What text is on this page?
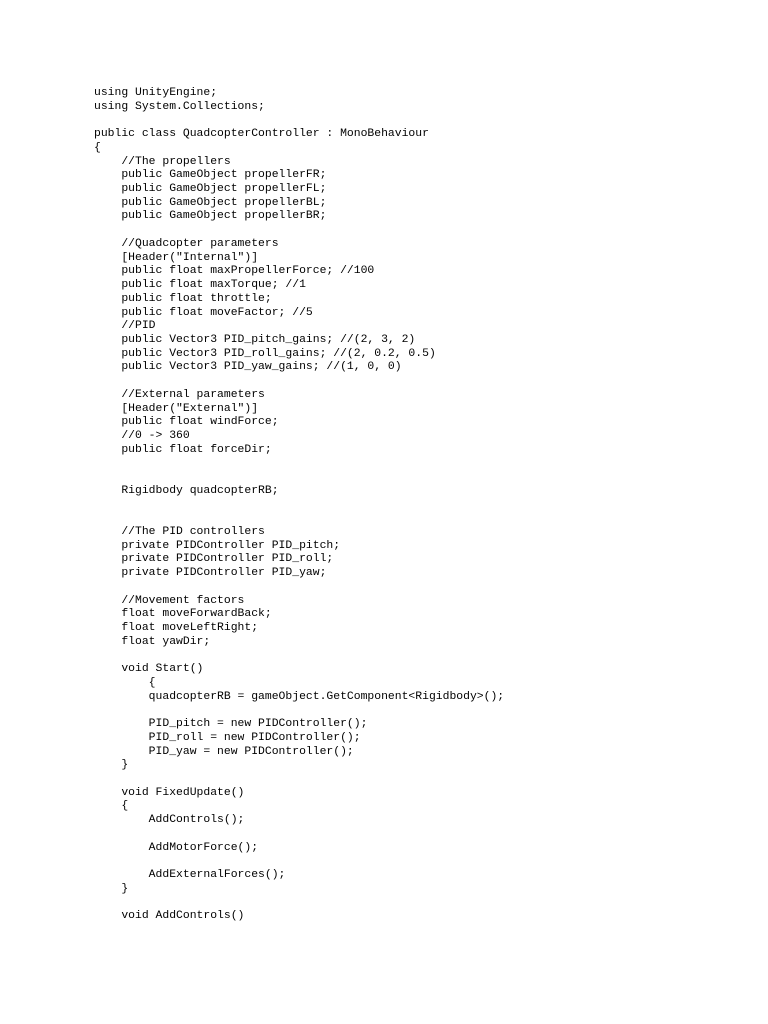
using UnityEngine;
using System.Collections;
public class QuadcopterController : MonoBehaviour
{
//The propellers
public GameObject propellerFR;
public GameObject propellerFL;
public GameObject propellerBL;
public GameObject propellerBR;
//Quadcopter parameters
[Header("Internal")]
public float maxPropellerForce; //100
public float maxTorque; //1
public float throttle;
public float moveFactor; //5
//PID
public Vector3 PID_pitch_gains; //(2, 3, 2)
public Vector3 PID_roll_gains; //(2, 0.2, 0.5)
public Vector3 PID_yaw_gains; //(1, 0, 0)
//External parameters
[Header("External")]
public float windForce;
//0 -> 360
public float forceDir;
Rigidbody quadcopterRB;
//The PID controllers
private PIDController PID_pitch;
private PIDController PID_roll;
private PIDController PID_yaw;
//Movement factors
float moveForwardBack;
float moveLeftRight;
float yawDir;
void Start()
{
quadcopterRB = gameObject.GetComponent<Rigidbody>();
PID_pitch = new PIDController();
PID_roll = new PIDController();
PID_yaw = new PIDController();
}
void FixedUpdate()
{
AddControls();
AddMotorForce();
AddExternalForces();
}
void AddControls()
